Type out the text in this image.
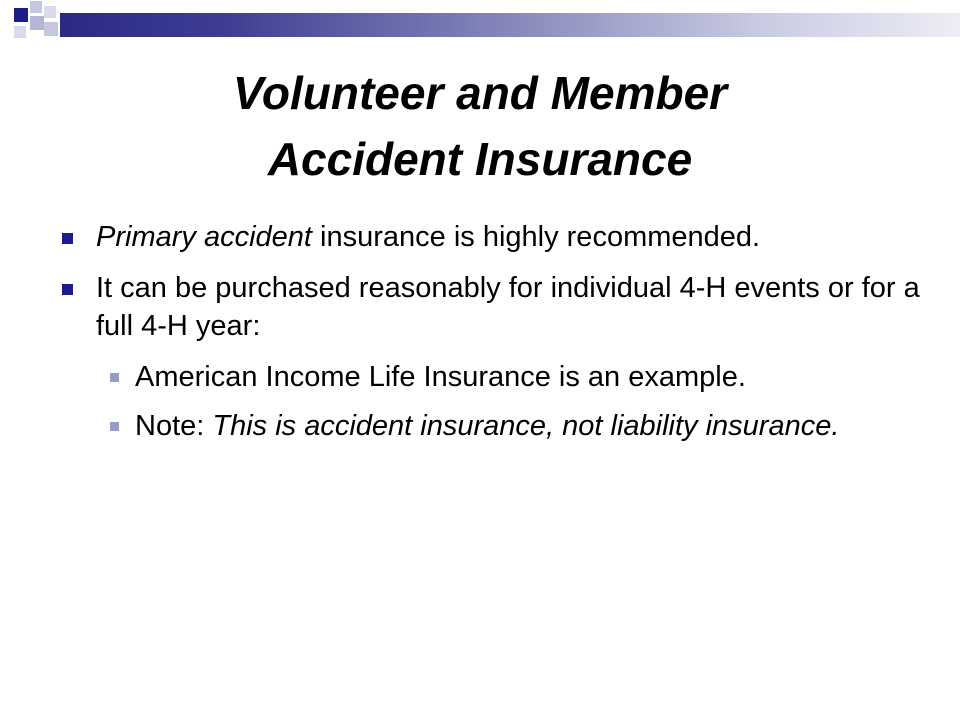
Volunteer and Member
Accident Insurance
Primary accident insurance is highly recommended.
It can be purchased reasonably for individual 4-H events or for a full 4-H year:
American Income Life Insurance is an example.
Note: This is accident insurance, not liability insurance.
